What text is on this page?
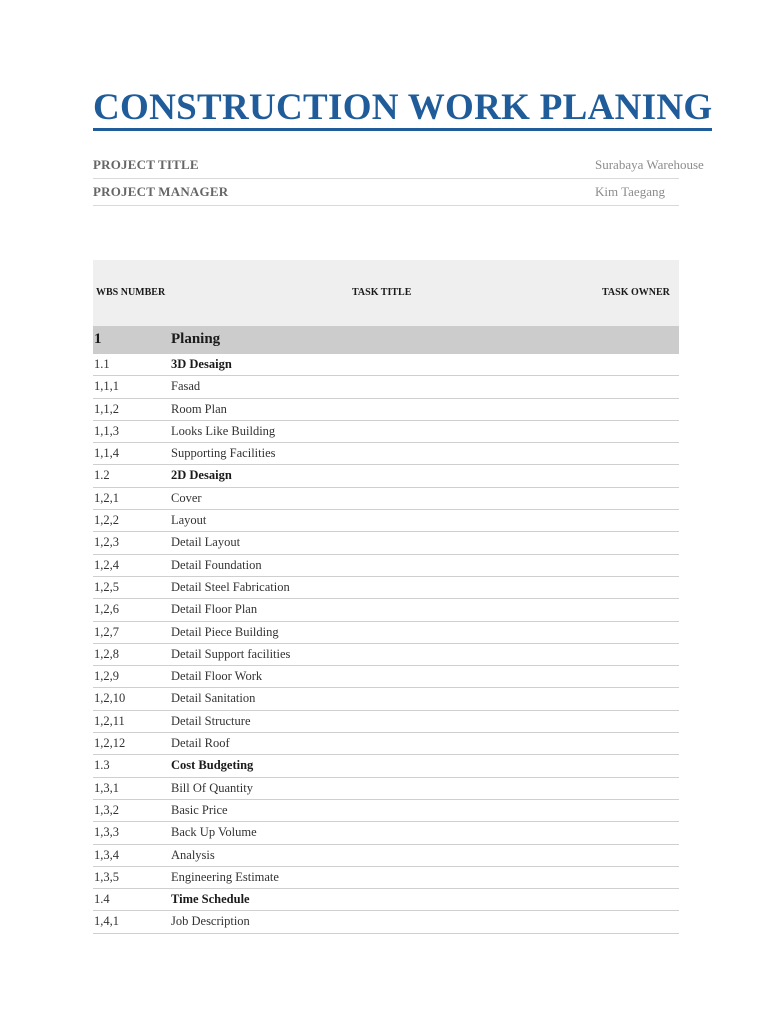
CONSTRUCTION WORK PLANING
PROJECT TITLE	Surabaya Warehouse
PROJECT MANAGER	Kim Taegang
WBS NUMBER	TASK TITLE	TASK OWNER
1	Planing
1.1	3D Desaign
1,1,1	Fasad
1,1,2	Room Plan
1,1,3	Looks Like Building
1,1,4	Supporting Facilities
1.2	2D Desaign
1,2,1	Cover
1,2,2	Layout
1,2,3	Detail Layout
1,2,4	Detail Foundation
1,2,5	Detail Steel Fabrication
1,2,6	Detail Floor Plan
1,2,7	Detail Piece Building
1,2,8	Detail Support facilities
1,2,9	Detail Floor Work
1,2,10	Detail Sanitation
1,2,11	Detail Structure
1,2,12	Detail Roof
1.3	Cost Budgeting
1,3,1	Bill Of Quantity
1,3,2	Basic Price
1,3,3	Back Up Volume
1,3,4	Analysis
1,3,5	Engineering Estimate
1.4	Time Schedule
1,4,1	Job Description
